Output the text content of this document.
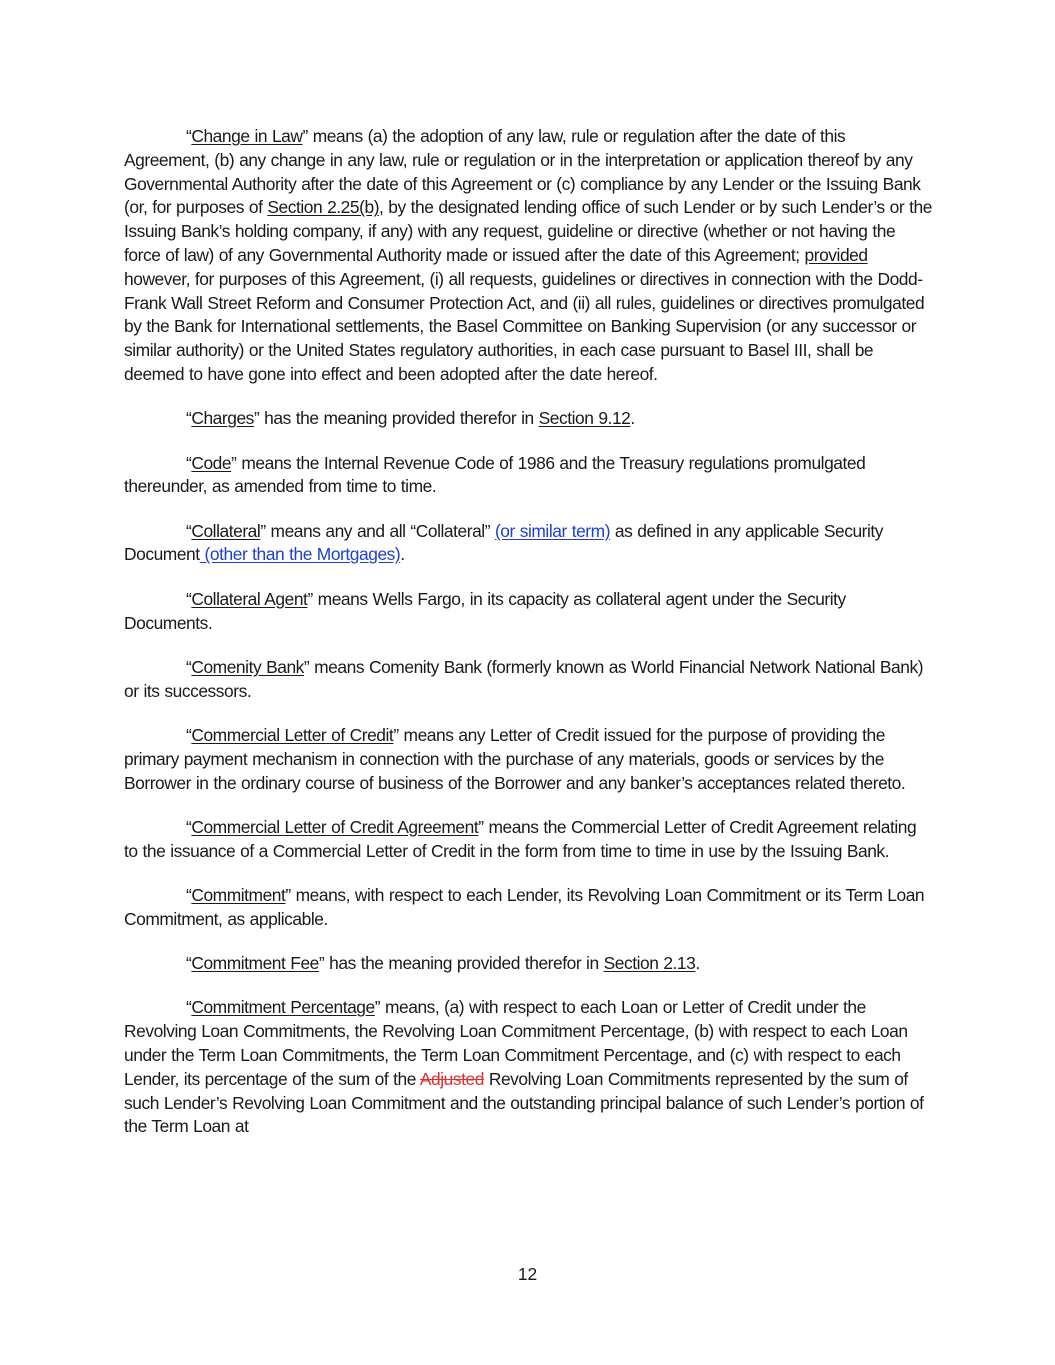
“Change in Law” means (a) the adoption of any law, rule or regulation after the date of this Agreement, (b) any change in any law, rule or regulation or in the interpretation or application thereof by any Governmental Authority after the date of this Agreement or (c) compliance by any Lender or the Issuing Bank (or, for purposes of Section 2.25(b), by the designated lending office of such Lender or by such Lender’s or the Issuing Bank’s holding company, if any) with any request, guideline or directive (whether or not having the force of law) of any Governmental Authority made or issued after the date of this Agreement; provided however, for purposes of this Agreement, (i) all requests, guidelines or directives in connection with the Dodd-Frank Wall Street Reform and Consumer Protection Act, and (ii) all rules, guidelines or directives promulgated by the Bank for International settlements, the Basel Committee on Banking Supervision (or any successor or similar authority) or the United States regulatory authorities, in each case pursuant to Basel III, shall be deemed to have gone into effect and been adopted after the date hereof.

“Charges” has the meaning provided therefor in Section 9.12.

“Code” means the Internal Revenue Code of 1986 and the Treasury regulations promulgated thereunder, as amended from time to time.

“Collateral” means any and all “Collateral” (or similar term) as defined in any applicable Security Document (other than the Mortgages).

“Collateral Agent” means Wells Fargo, in its capacity as collateral agent under the Security Documents.

“Comenity Bank” means Comenity Bank (formerly known as World Financial Network National Bank) or its successors.

“Commercial Letter of Credit” means any Letter of Credit issued for the purpose of providing the primary payment mechanism in connection with the purchase of any materials, goods or services by the Borrower in the ordinary course of business of the Borrower and any banker’s acceptances related thereto.

“Commercial Letter of Credit Agreement” means the Commercial Letter of Credit Agreement relating to the issuance of a Commercial Letter of Credit in the form from time to time in use by the Issuing Bank.

“Commitment” means, with respect to each Lender, its Revolving Loan Commitment or its Term Loan Commitment, as applicable.

“Commitment Fee” has the meaning provided therefor in Section 2.13.

“Commitment Percentage” means, (a) with respect to each Loan or Letter of Credit under the Revolving Loan Commitments, the Revolving Loan Commitment Percentage, (b) with respect to each Loan under the Term Loan Commitments, the Term Loan Commitment Percentage, and (c) with respect to each Lender, its percentage of the sum of the Adjusted Revolving Loan Commitments represented by the sum of such Lender’s Revolving Loan Commitment and the outstanding principal balance of such Lender’s portion of the Term Loan at

12
